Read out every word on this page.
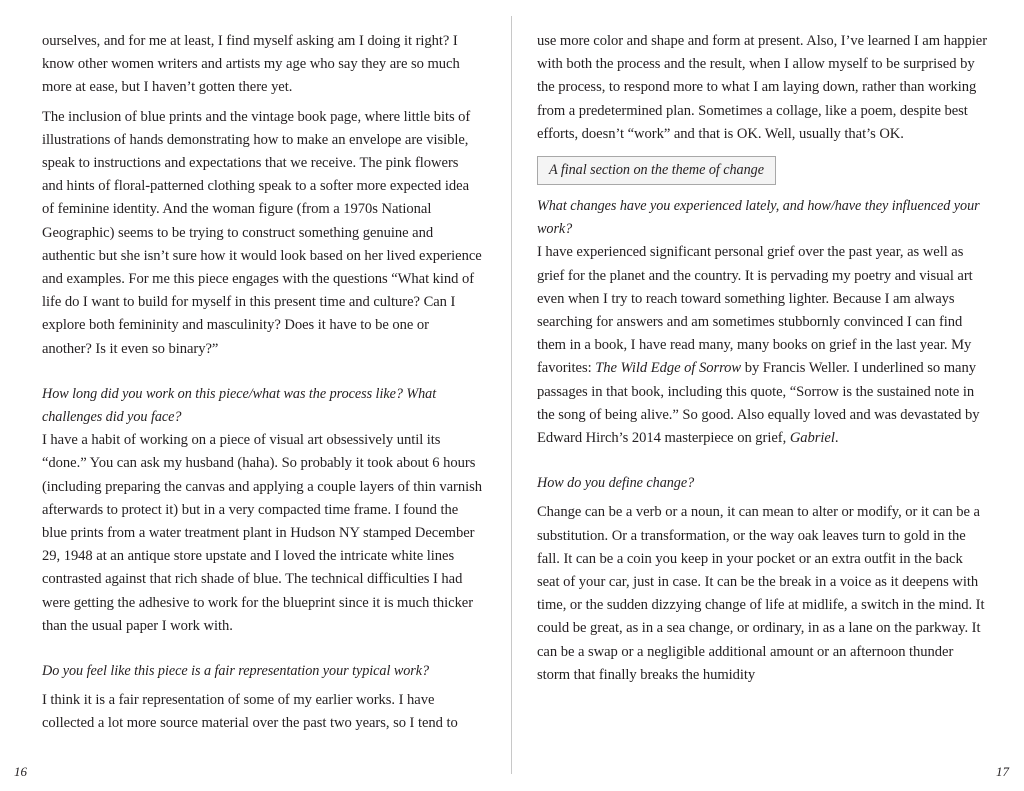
ourselves, and for me at least, I find myself asking am I doing it right? I know other women writers and artists my age who say they are so much more at ease, but I haven’t gotten there yet.

The inclusion of blue prints and the vintage book page, where little bits of illustrations of hands demonstrating how to make an envelope are visible, speak to instructions and expectations that we receive. The pink flowers and hints of floral-patterned clothing speak to a softer more expected idea of feminine identity. And the woman figure (from a 1970s National Geographic) seems to be trying to construct something genuine and authentic but she isn’t sure how it would look based on her lived experience and examples. For me this piece engages with the questions “What kind of life do I want to build for myself in this present time and culture? Can I explore both femininity and masculinity? Does it have to be one or another? Is it even so binary?”

How long did you work on this piece/what was the process like? What challenges did you face?

I have a habit of working on a piece of visual art obsessively until its “done.” You can ask my husband (haha). So probably it took about 6 hours (including preparing the canvas and applying a couple layers of thin varnish afterwards to protect it) but in a very compacted time frame. I found the blue prints from a water treatment plant in Hudson NY stamped December 29, 1948 at an antique store upstate and I loved the intricate white lines contrasted against that rich shade of blue. The technical difficulties I had were getting the adhesive to work for the blueprint since it is much thicker than the usual paper I work with.

Do you feel like this piece is a fair representation your typical work?

I think it is a fair representation of some of my earlier works. I have collected a lot more source material over the past two years, so I tend to

use more color and shape and form at present. Also, I’ve learned I am happier with both the process and the result, when I allow myself to be surprised by the process, to respond more to what I am laying down, rather than working from a predetermined plan. Sometimes a collage, like a poem, despite best efforts, doesn’t “work” and that is OK. Well, usually that’s OK.

A final section on the theme of change

What changes have you experienced lately, and how/have they influenced your work?

I have experienced significant personal grief over the past year, as well as grief for the planet and the country. It is pervading my poetry and visual art even when I try to reach toward something lighter. Because I am always searching for answers and am sometimes stubbornly convinced I can find them in a book, I have read many, many books on grief in the last year. My favorites: The Wild Edge of Sorrow by Francis Weller. I underlined so many passages in that book, including this quote, “Sorrow is the sustained note in the song of being alive.” So good. Also equally loved and was devastated by Edward Hirch’s 2014 masterpiece on grief, Gabriel.

How do you define change?

Change can be a verb or a noun, it can mean to alter or modify, or it can be a substitution. Or a transformation, or the way oak leaves turn to gold in the fall. It can be a coin you keep in your pocket or an extra outfit in the back seat of your car, just in case. It can be the break in a voice as it deepens with time, or the sudden dizzying change of life at midlife, a switch in the mind. It could be great, as in a sea change, or ordinary, in as a lane on the parkway. It can be a swap or a negligible additional amount or an afternoon thunder storm that finally breaks the humidity

16	17
